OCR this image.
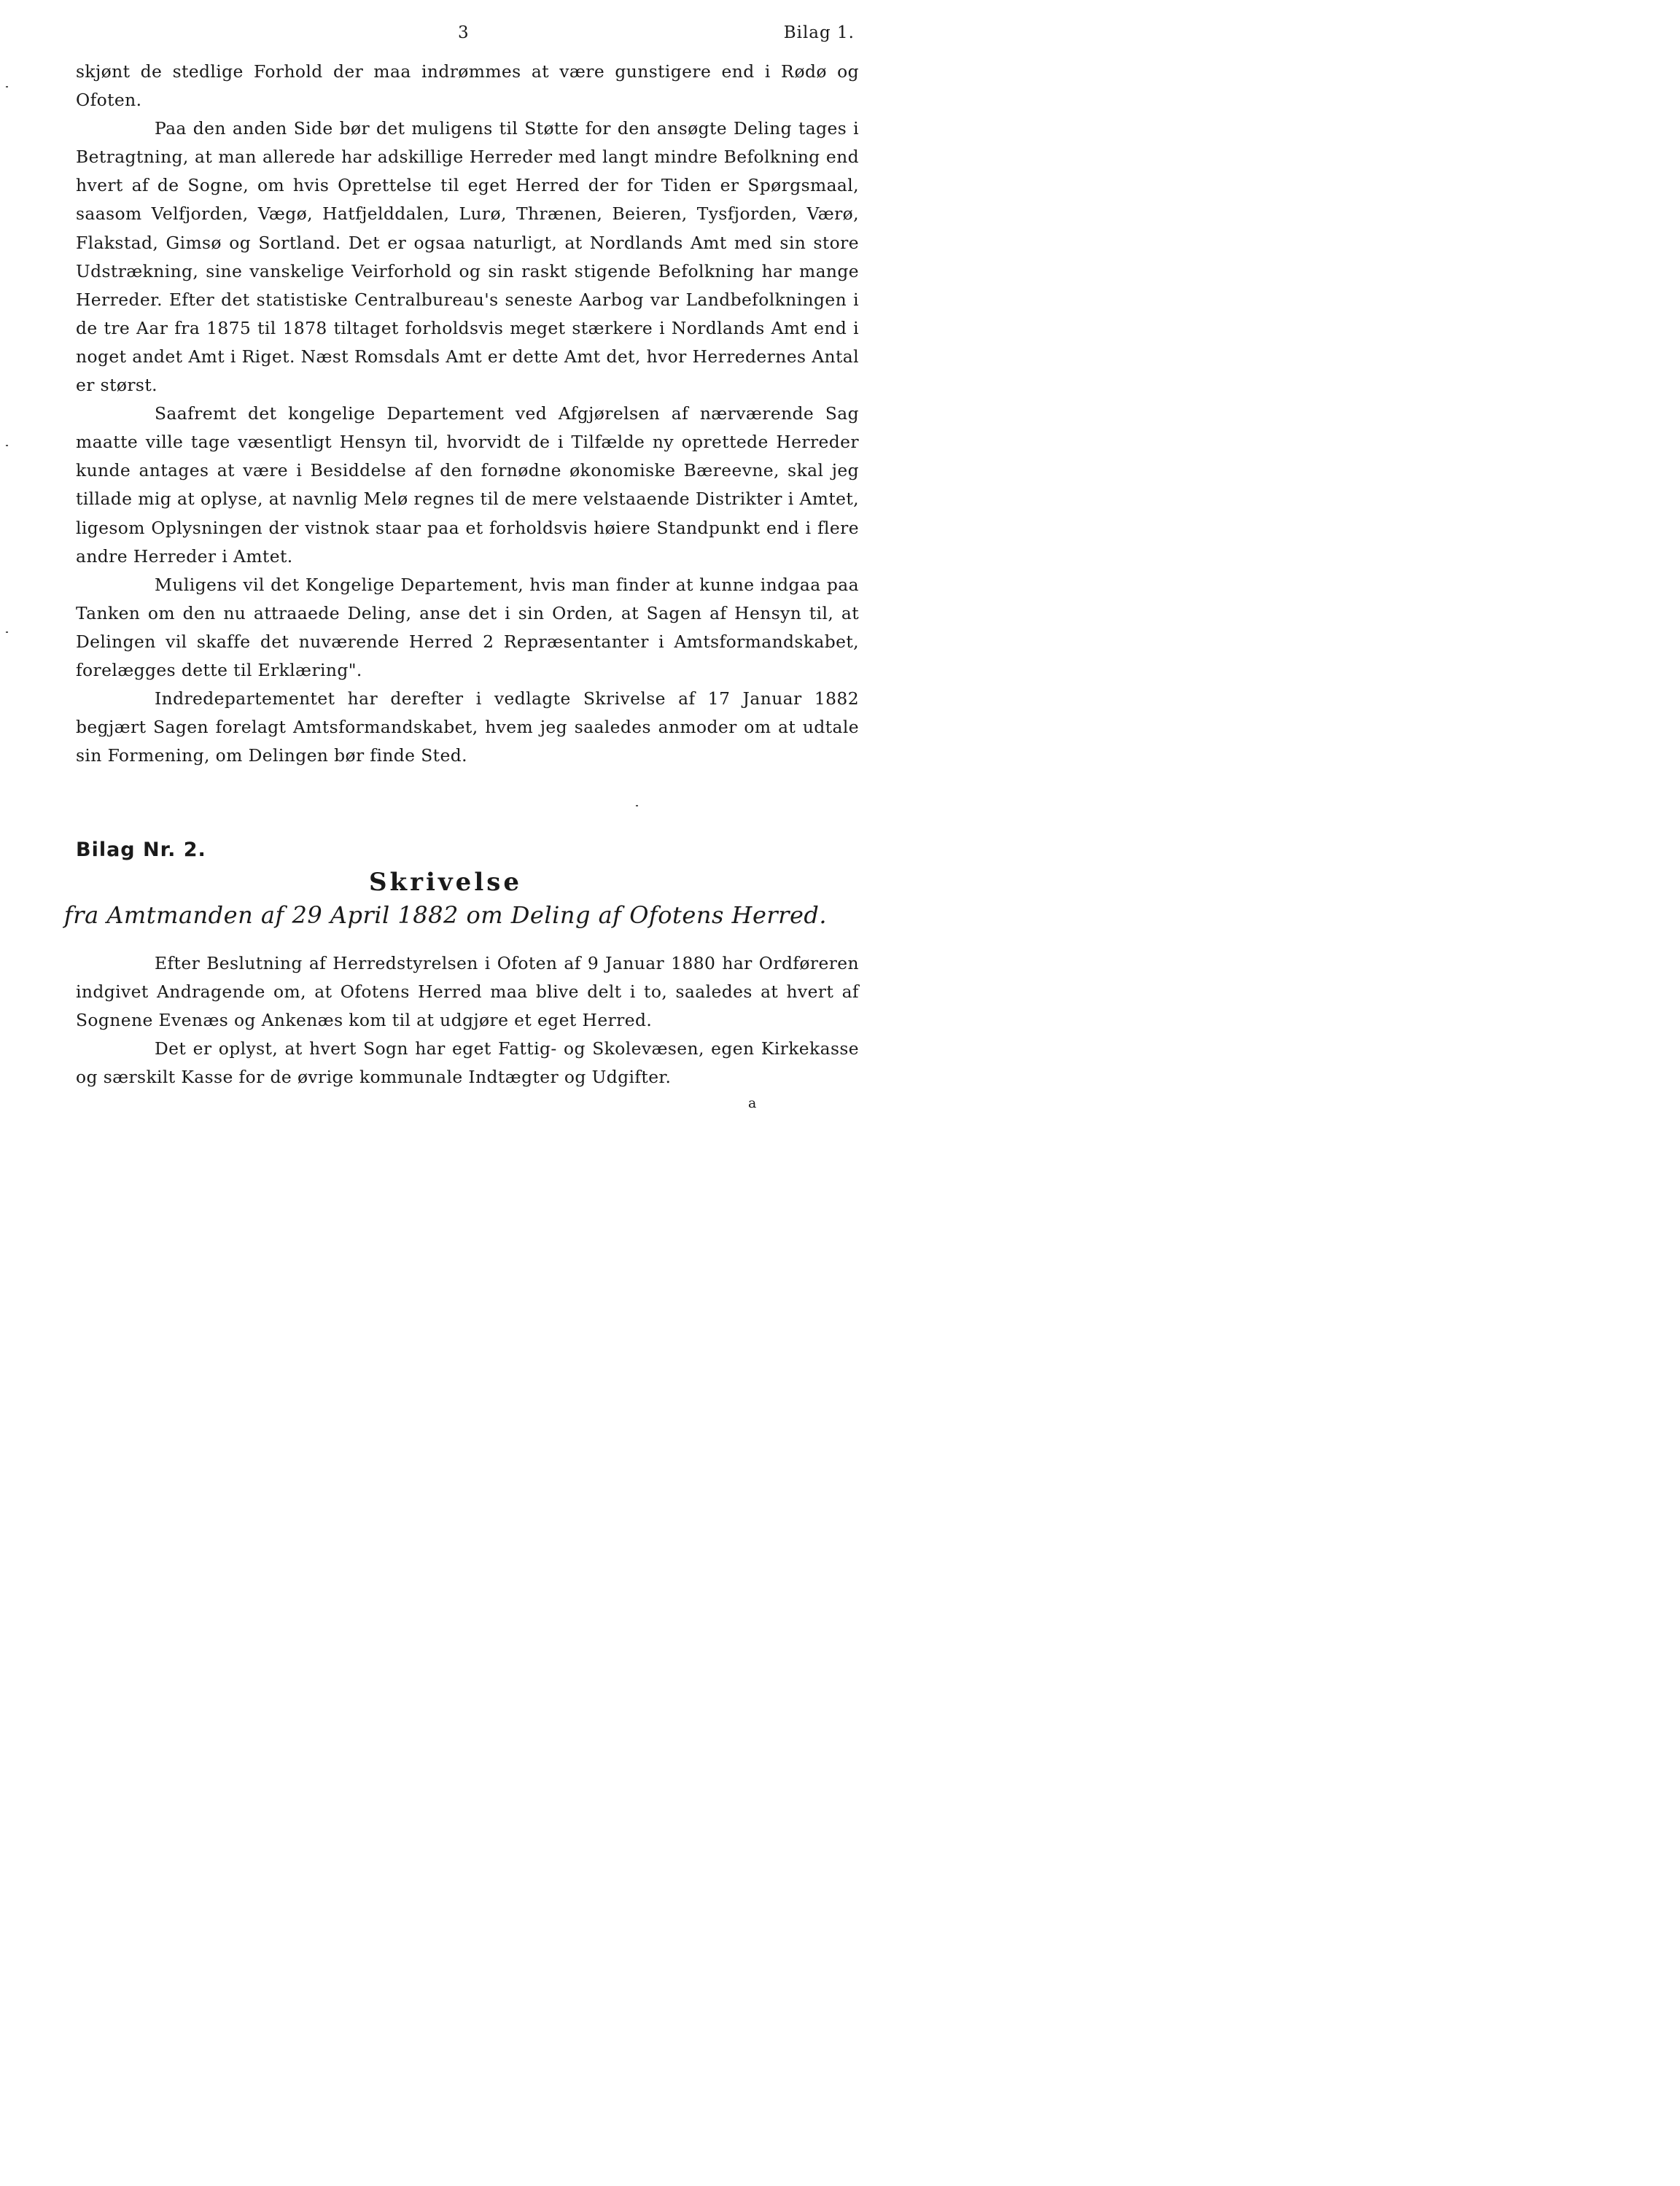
3	Bilag 1.

skjønt de stedlige Forhold der maa indrømmes at være gunstigere end i Rødø og Ofoten.

Paa den anden Side bør det muligens til Støtte for den ansøgte Deling tages i Betragtning, at man allerede har adskillige Herreder med langt mindre Befolkning end hvert af de Sogne, om hvis Oprettelse til eget Herred der for Tiden er Spørgsmaal, saasom Velfjorden, Vægø, Hatfjelddalen, Lurø, Thrænen, Beieren, Tysfjorden, Værø, Flakstad, Gimsø og Sortland. Det er ogsaa naturligt, at Nordlands Amt med sin store Udstrækning, sine vanskelige Veirforhold og sin raskt stigende Befolkning har mange Herreder. Efter det statistiske Centralbureau's seneste Aarbog var Landbefolkningen i de tre Aar fra 1875 til 1878 tiltaget forholdsvis meget stærkere i Nordlands Amt end i noget andet Amt i Riget. Næst Romsdals Amt er dette Amt det, hvor Herredernes Antal er størst.

Saafremt det kongelige Departement ved Afgjørelsen af nærværende Sag maatte ville tage væsentligt Hensyn til, hvorvidt de i Tilfælde ny oprettede Herreder kunde antages at være i Besiddelse af den fornødne økonomiske Bæreevne, skal jeg tillade mig at oplyse, at navnlig Melø regnes til de mere velstaaende Distrikter i Amtet, ligesom Oplysningen der vistnok staar paa et forholdsvis høiere Standpunkt end i flere andre Herreder i Amtet.

Muligens vil det Kongelige Departement, hvis man finder at kunne indgaa paa Tanken om den nu attraaede Deling, anse det i sin Orden, at Sagen af Hensyn til, at Delingen vil skaffe det nuværende Herred 2 Repræsentanter i Amtsformandskabet, forelægges dette til Erklæring".

Indredepartementet har derefter i vedlagte Skrivelse af 17 Januar 1882 begjært Sagen forelagt Amtsformandskabet, hvem jeg saaledes anmoder om at udtale sin Formening, om Delingen bør finde Sted.

Bilag Nr. 2.
Skrivelse
fra Amtmanden af 29 April 1882 om Deling af Ofotens Herred.

Efter Beslutning af Herredstyrelsen i Ofoten af 9 Januar 1880 har Ordføreren indgivet Andragende om, at Ofotens Herred maa blive delt i to, saaledes at hvert af Sognene Evenæs og Ankenæs kom til at udgjøre et eget Herred.

Det er oplyst, at hvert Sogn har eget Fattig- og Skolevæsen, egen Kirkekasse og særskilt Kasse for de øvrige kommunale Indtægter og Udgifter.

a
